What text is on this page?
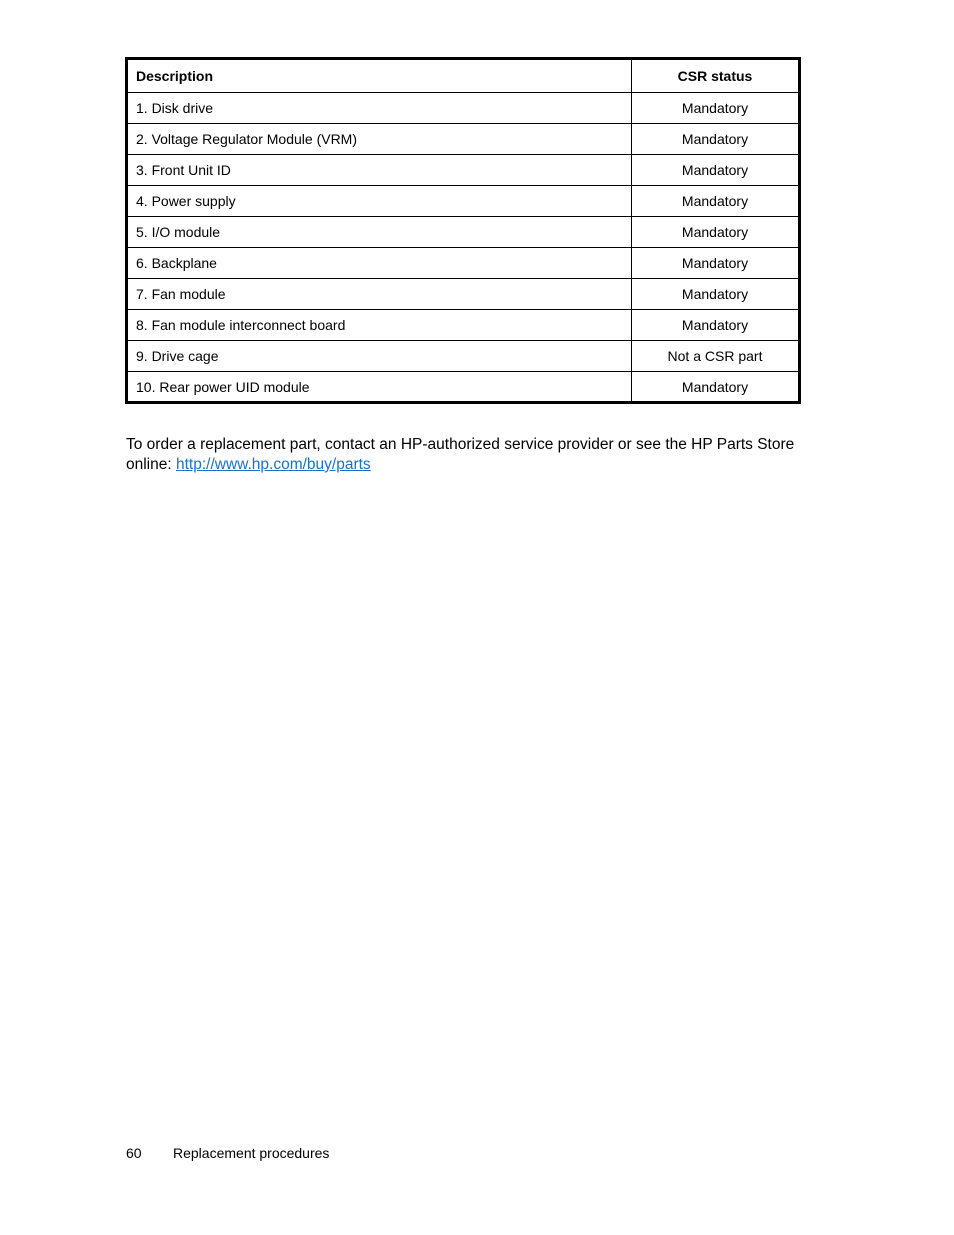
Description	CSR status
1. Disk drive	Mandatory
2. Voltage Regulator Module (VRM)	Mandatory
3. Front Unit ID	Mandatory
4. Power supply	Mandatory
5. I/O module	Mandatory
6. Backplane	Mandatory
7. Fan module	Mandatory
8. Fan module interconnect board	Mandatory
9. Drive cage	Not a CSR part
10. Rear power UID module	Mandatory

To order a replacement part, contact an HP-authorized service provider or see the HP Parts Store online: http://www.hp.com/buy/parts

60 Replacement procedures
